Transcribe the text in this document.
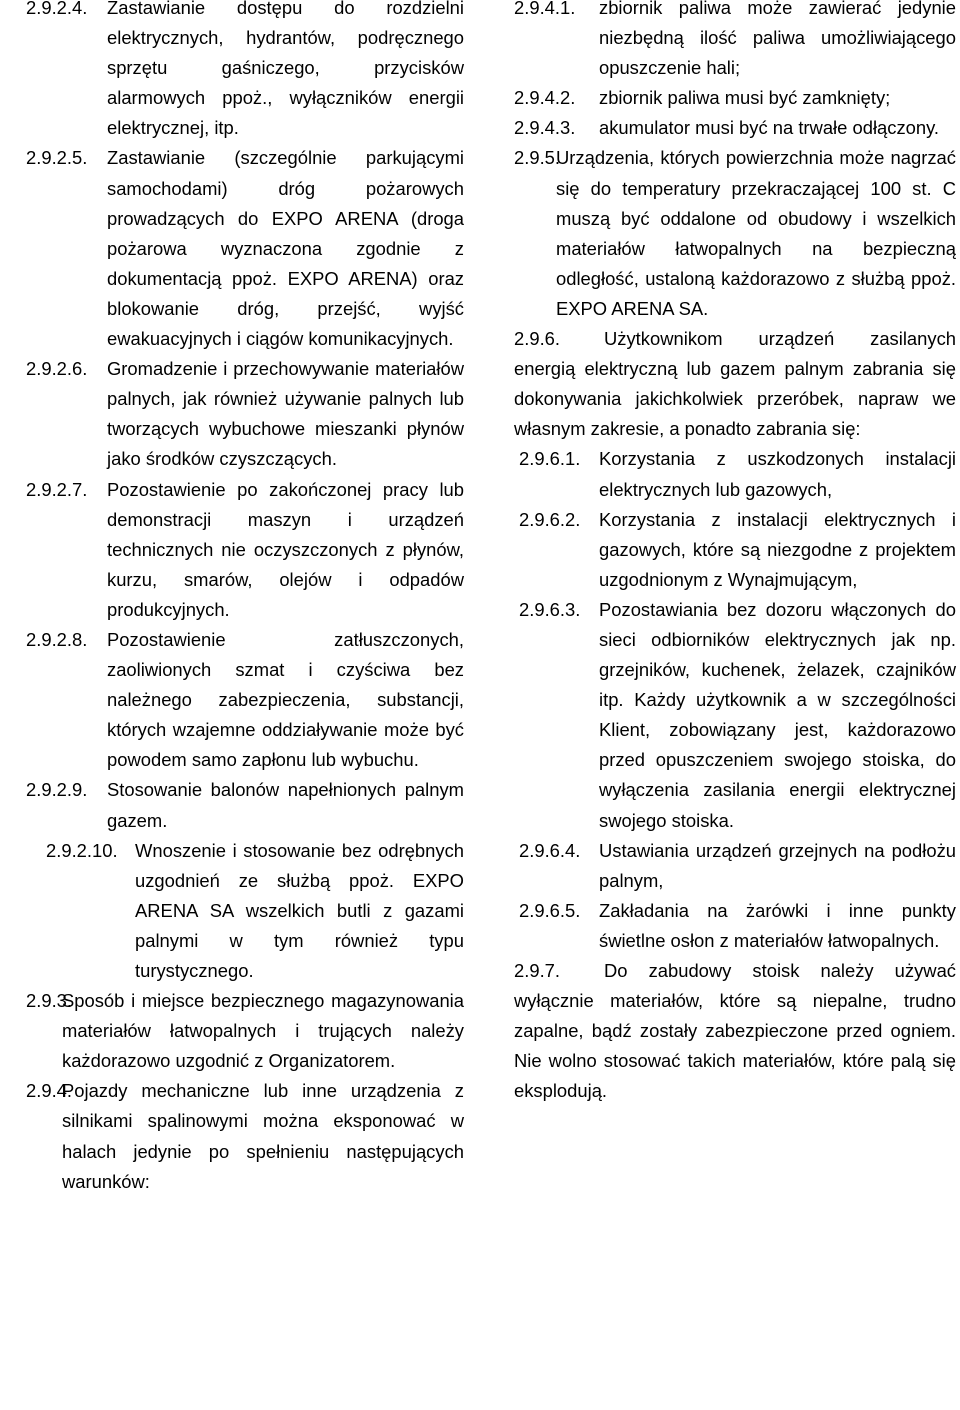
2.9.2.4.	Zastawianie dostępu do rozdzielni elektrycznych, hydrantów, podręcznego sprzętu gaśniczego, przycisków alarmowych ppoż., wyłączników energii elektrycznej, itp.
2.9.2.5.	Zastawianie (szczególnie parkującymi samochodami) dróg pożarowych prowadzących do EXPO ARENA (droga pożarowa wyznaczona zgodnie z dokumentacją ppoż. EXPO ARENA) oraz blokowanie dróg, przejść, wyjść ewakuacyjnych i ciągów komunikacyjnych.
2.9.2.6.	Gromadzenie i przechowywanie materiałów palnych, jak również używanie palnych lub tworzących wybuchowe mieszanki płynów jako środków czyszczących.
2.9.2.7.	Pozostawienie po zakończonej pracy lub demonstracji maszyn i urządzeń technicznych nie oczyszczonych z płynów, kurzu, smarów, olejów i odpadów produkcyjnych.
2.9.2.8.	Pozostawienie zatłuszczonych, zaoliwionych szmat i czyściwa bez należnego zabezpieczenia, substancji, których wzajemne oddziaływanie może być powodem samo zapłonu lub wybuchu.
2.9.2.9.	Stosowanie balonów napełnionych palnym gazem.
2.9.2.10. Wnoszenie i stosowanie bez odrębnych uzgodnień ze służbą ppoż. EXPO ARENA SA wszelkich butli z gazami palnymi w tym również typu turystycznego.
2.9.3.
Sposób i miejsce bezpiecznego magazynowania materiałów łatwopalnych i trujących należy każdorazowo uzgodnić z Organizatorem.
2.9.4.
Pojazdy mechaniczne lub inne urządzenia z silnikami spalinowymi można eksponować w halach jedynie po spełnieniu następujących warunków:
2.9.4.1.	zbiornik paliwa może zawierać jedynie niezbędną ilość paliwa umożliwiającego opuszczenie hali;
2.9.4.2.	zbiornik paliwa musi być zamknięty;
2.9.4.3.	akumulator musi być na trwałe odłączony.
2.9.5.
Urządzenia, których powierzchnia może nagrzać się do temperatury przekraczającej 100 st. C muszą być oddalone od obudowy i wszelkich materiałów łatwopalnych na bezpieczną odległość, ustaloną każdorazowo z służbą ppoż. EXPO ARENA SA.
2.9.6. Użytkownikom urządzeń zasilanych energią elektryczną lub gazem palnym zabrania się dokonywania jakichkolwiek przeróbek, napraw we własnym zakresie, a ponadto zabrania się:
2.9.6.1.	Korzystania z uszkodzonych instalacji elektrycznych lub gazowych,
2.9.6.2.	Korzystania z instalacji elektrycznych i gazowych, które są niezgodne z projektem uzgodnionym z Wynajmującym,
2.9.6.3.	Pozostawiania bez dozoru włączonych do sieci odbiorników elektrycznych jak np. grzejników, kuchenek, żelazek, czajników itp. Każdy użytkownik a w szczególności Klient, zobowiązany jest, każdorazowo przed opuszczeniem swojego stoiska, do wyłączenia zasilania energii elektrycznej swojego stoiska.
2.9.6.4.	Ustawiania urządzeń grzejnych na podłożu palnym,
2.9.6.5.	Zakładania na żarówki i inne punkty świetlne osłon z materiałów łatwopalnych.
2.9.7. Do zabudowy stoisk należy używać wyłącznie materiałów, które są niepalne, trudno zapalne, bądź zostały zabezpieczone przed ogniem. Nie wolno stosować takich materiałów, które palą się eksplodują.
